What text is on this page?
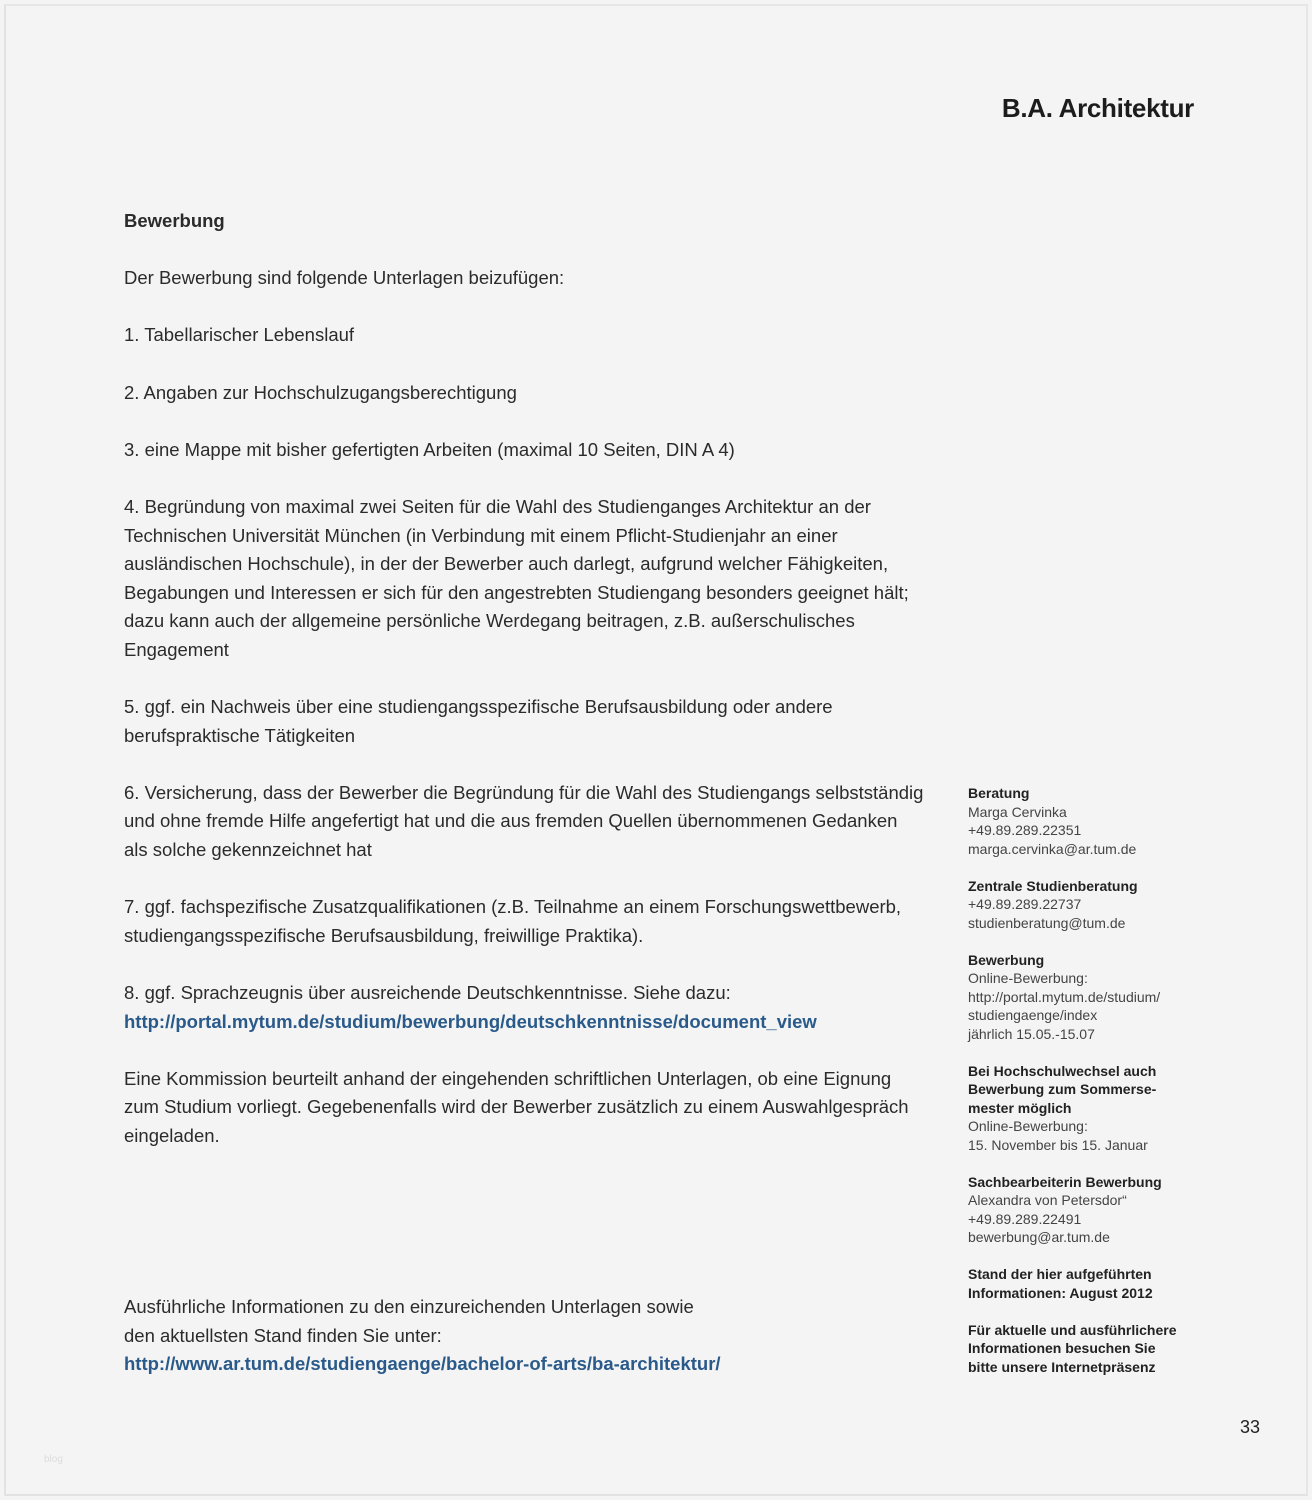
B.A. Architektur
Bewerbung

Der Bewerbung sind folgende Unterlagen beizufügen:

1. Tabellarischer Lebenslauf

2. Angaben zur Hochschulzugangsberechtigung

3. eine Mappe mit bisher gefertigten Arbeiten (maximal 10 Seiten, DIN A 4)

4. Begründung von maximal zwei Seiten für die Wahl des Studienganges Architektur an der Technischen Universität München (in Verbindung mit einem Pflicht-Studienjahr an einer ausländischen Hochschule), in der der Bewerber auch darlegt, aufgrund welcher Fähigkeiten, Begabungen und Interessen er sich für den angestrebten Studiengang besonders geeignet hält; dazu kann auch der allgemeine persönliche Werdegang beitragen, z.B. außerschulisches Engagement

5. ggf. ein Nachweis über eine studiengangsspezifische Berufsausbildung oder andere berufspraktische Tätigkeiten

6. Versicherung, dass der Bewerber die Begründung für die Wahl des Studiengangs selbstständig und ohne fremde Hilfe angefertigt hat und die aus fremden Quellen übernommenen Gedanken als solche gekennzeichnet hat

7. ggf. fachspezifische Zusatzqualifikationen (z.B. Teilnahme an einem Forschungswettbewerb, studiengangsspezifische Berufsausbildung, freiwillige Praktika).

8. ggf. Sprachzeugnis über ausreichende Deutschkenntnisse. Siehe dazu:
http://portal.mytum.de/studium/bewerbung/deutschkenntnisse/document_view

Eine Kommission beurteilt anhand der eingehenden schriftlichen Unterlagen, ob eine Eignung zum Studium vorliegt. Gegebenenfalls wird der Bewerber zusätzlich zu einem Auswahlgespräch eingeladen.

Ausführliche Informationen zu den einzureichenden Unterlagen sowie
den aktuellsten Stand finden Sie unter:
http://www.ar.tum.de/studiengaenge/bachelor-of-arts/ba-architektur/

Beratung
Marga Cervinka
+49.89.289.22351
marga.cervinka@ar.tum.de
Zentrale Studienberatung
+49.89.289.22737
studienberatung@tum.de
Bewerbung
Online-Bewerbung:
http://portal.mytum.de/studium/
studiengaenge/index
jährlich 15.05.-15.07
Bei Hochschulwechsel auch
Bewerbung zum Sommerse-
mester möglich
Online-Bewerbung:
15. November bis 15. Januar
Sachbearbeiterin Bewerbung
Alexandra von Petersdor“
+49.89.289.22491
bewerbung@ar.tum.de
Stand der hier aufgeführten
Informationen: August 2012
Für aktuelle und ausführlichere
Informationen besuchen Sie
bitte unsere Internetpräsenz
33
blog
